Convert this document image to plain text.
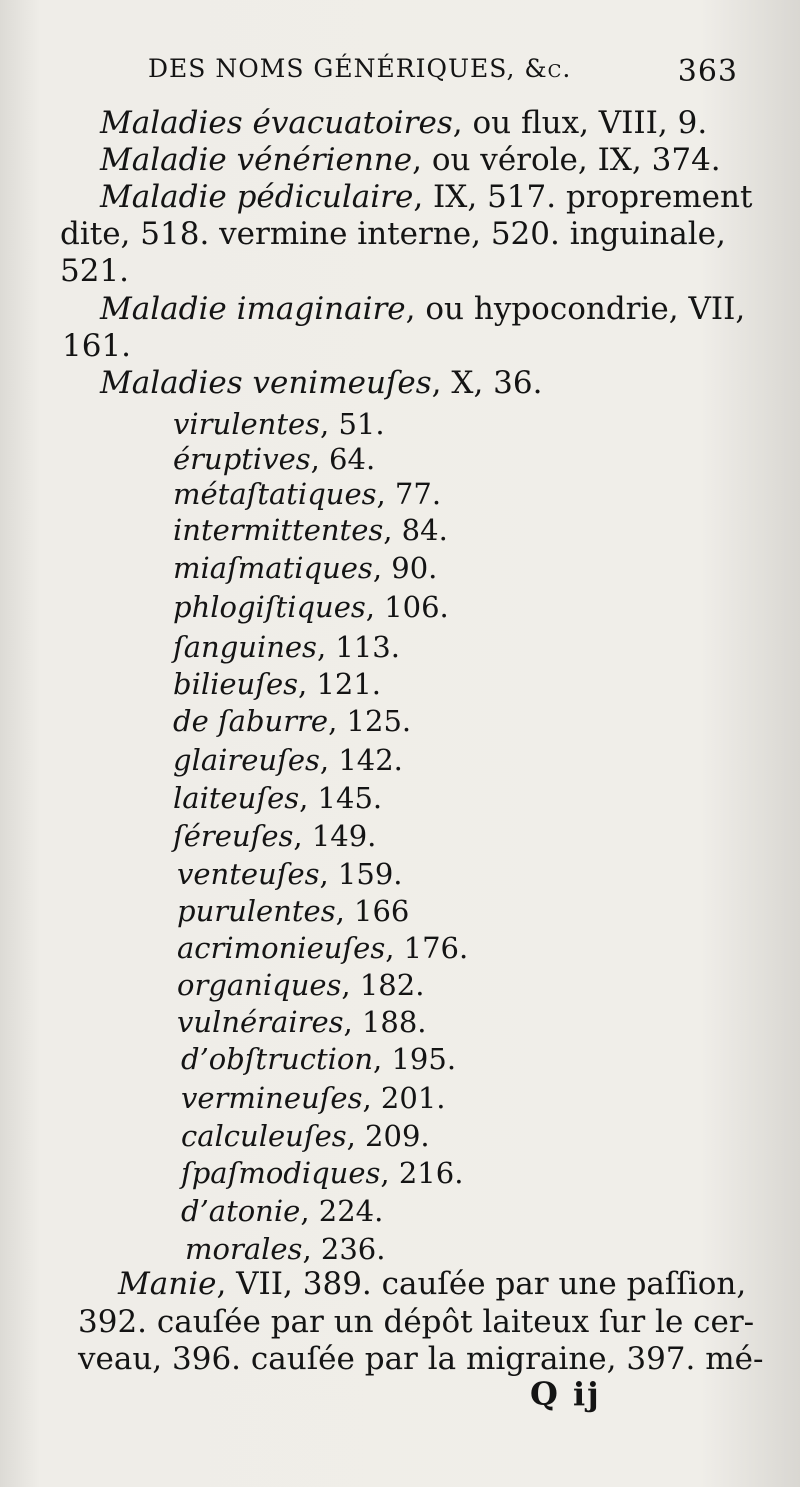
DES NOMS GÉNÉRIQUES, &c.	363
Maladies évacuatoires, ou flux, VIII, 9.
Maladie vénérienne, ou vérole, IX, 374.
Maladie pédiculaire, IX, 517. proprement
dite, 518. vermine interne, 520. inguinale,
521.
Maladie imaginaire, ou hypocondrie, VII,
161.
Maladies venimeuſes, X, 36.
virulentes, 51.
éruptives, 64.
métaſtatiques, 77.
intermittentes, 84.
miaſmatiques, 90.
phlogiſtiques, 106.
ſanguines, 113.
bilieuſes, 121.
de ſaburre, 125.
glaireuſes, 142.
laiteuſes, 145.
ſéreuſes, 149.
venteuſes, 159.
purulentes, 166
acrimonieuſes, 176.
organiques, 182.
vulnéraires, 188.
d’obſtruction, 195.
vermineuſes, 201.
calculeuſes, 209.
ſpaſmodiques, 216.
d’atonie, 224.
morales, 236.
Manie, VII, 389. cauſée par une paſſion,
392. cauſée par un dépôt laiteux ſur le cer-
veau, 396. cauſée par la migraine, 397. mé-
Q ij
